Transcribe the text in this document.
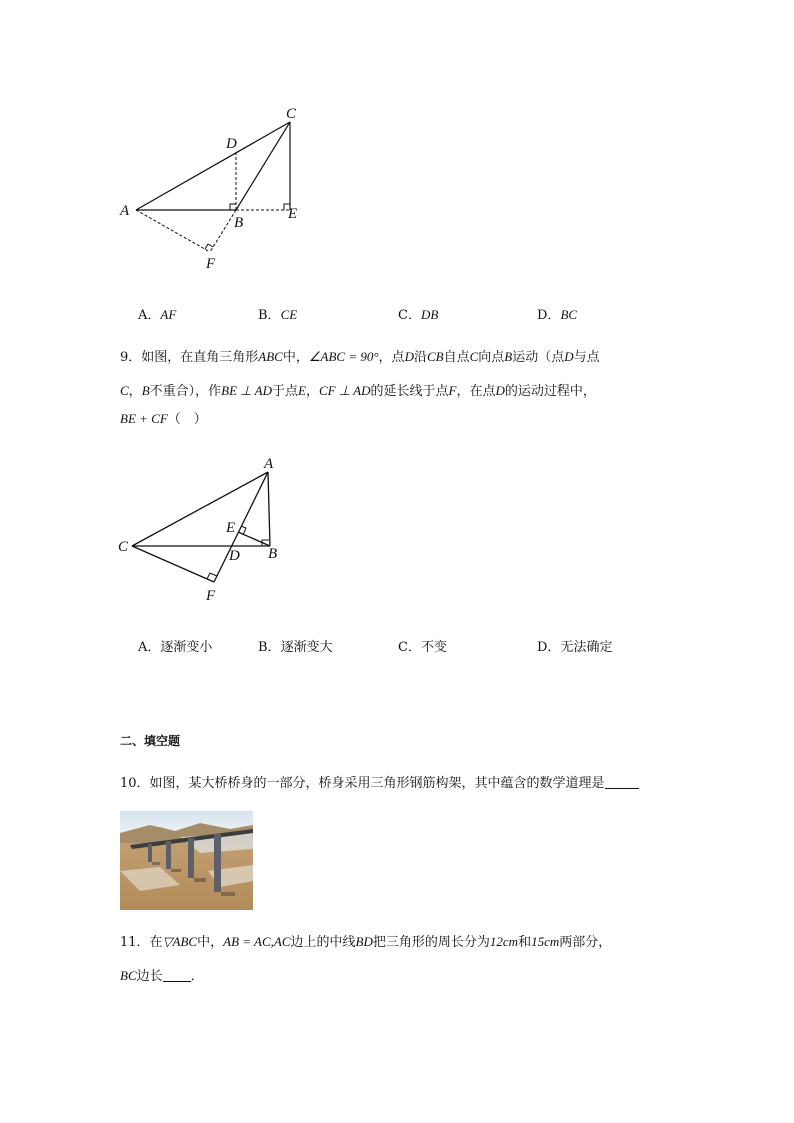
A
B
C
D
E
F
A．AF	B．CE	C．DB	D．BC
9．如图，在直角三角形ABC中，∠ABC = 90°，点D沿CB自点C向点B运动（点D与点
C，B不重合），作BE ⊥ AD于点E，CF ⊥ AD的延长线于点F，在点D的运动过程中，
BE + CF（　）
A
B
C
D
E
F
A．逐渐变小	B．逐渐变大	C．不变	D．无法确定
二、填空题
10．如图，某大桥桥身的一部分，桥身采用三角形钢筋构架，其中蕴含的数学道理是
11．在▽ABC中，AB = AC,AC边上的中线BD把三角形的周长分为12cm和15cm两部分，
BC边长 ．
